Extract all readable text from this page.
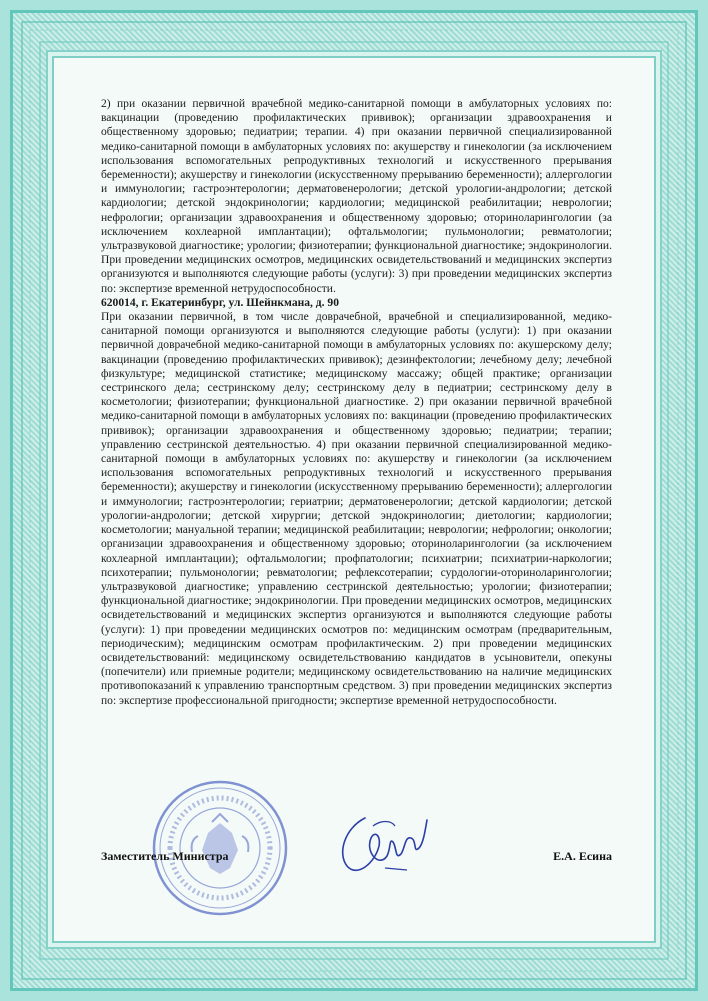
2) при оказании первичной врачебной медико-санитарной помощи в амбулаторных условиях по: вакцинации (проведению профилактических прививок); организации здравоохранения и общественному здоровью; педиатрии; терапии. 4) при оказании первичной специализированной медико-санитарной помощи в амбулаторных условиях по: акушерству и гинекологии (за исключением использования вспомогательных репродуктивных технологий и искусственного прерывания беременности); акушерству и гинекологии (искусственному прерыванию беременности); аллергологии и иммунологии; гастроэнтерологии; дерматовенерологии; детской урологии-андрологии; детской кардиологии; детской эндокринологии; кардиологии; медицинской реабилитации; неврологии; нефрологии; организации здравоохранения и общественному здоровью; оториноларингологии (за исключением кохлеарной имплантации); офтальмологии; пульмонологии; ревматологии; ультразвуковой диагностике; урологии; физиотерапии; функциональной диагностике; эндокринологии. При проведении медицинских осмотров, медицинских освидетельствований и медицинских экспертиз организуются и выполняются следующие работы (услуги): 3) при проведении медицинских экспертиз по: экспертизе временной нетрудоспособности.

620014, г. Екатеринбург, ул. Шейнкмана, д. 90

При оказании первичной, в том числе доврачебной, врачебной и специализированной, медико-санитарной помощи организуются и выполняются следующие работы (услуги): 1) при оказании первичной доврачебной медико-санитарной помощи в амбулаторных условиях по: акушерскому делу; вакцинации (проведению профилактических прививок); дезинфектологии; лечебному делу; лечебной физкультуре; медицинской статистике; медицинскому массажу; общей практике; организации сестринского дела; сестринскому делу; сестринскому делу в педиатрии; сестринскому делу в косметологии; физиотерапии; функциональной диагностике. 2) при оказании первичной врачебной медико-санитарной помощи в амбулаторных условиях по: вакцинации (проведению профилактических прививок); организации здравоохранения и общественному здоровью; педиатрии; терапии; управлению сестринской деятельностью. 4) при оказании первичной специализированной медико-санитарной помощи в амбулаторных условиях по: акушерству и гинекологии (за исключением использования вспомогательных репродуктивных технологий и искусственного прерывания беременности); акушерству и гинекологии (искусственному прерыванию беременности); аллергологии и иммунологии; гастроэнтерологии; гериатрии; дерматовенерологии; детской кардиологии; детской урологии-андрологии; детской хирургии; детской эндокринологии; диетологии; кардиологии; косметологии; мануальной терапии; медицинской реабилитации; неврологии; нефрологии; онкологии; организации здравоохранения и общественному здоровью; оториноларингологии (за исключением кохлеарной имплантации); офтальмологии; профпатологии; психиатрии; психиатрии-наркологии; психотерапии; пульмонологии; ревматологии; рефлексотерапии; сурдологии-оториноларингологии; ультразвуковой диагностике; управлению сестринской деятельностью; урологии; физиотерапии; функциональной диагностике; эндокринологии. При проведении медицинских осмотров, медицинских освидетельствований и медицинских экспертиз организуются и выполняются следующие работы (услуги): 1) при проведении медицинских осмотров по: медицинским осмотрам (предварительным, периодическим); медицинским осмотрам профилактическим. 2) при проведении медицинских освидетельствований: медицинскому освидетельствованию кандидатов в усыновители, опекуны (попечители) или приемные родители; медицинскому освидетельствованию на наличие медицинских противопоказаний к управлению транспортным средством. 3) при проведении медицинских экспертиз по: экспертизе профессиональной пригодности; экспертизе временной нетрудоспособности.

Заместитель Министра	Е.А. Есина
